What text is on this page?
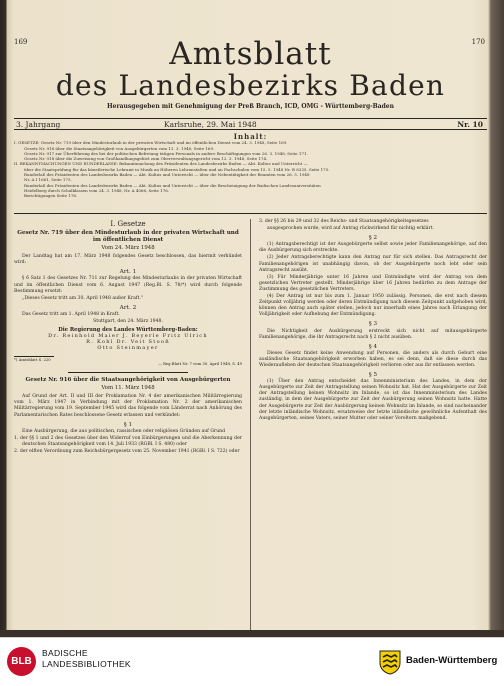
169	170
Amtsblatt
des Landesbezirks Baden
Herausgegeben mit Genehmigung der Preß Branch, ICD, OMG - Württemberg-Baden
3. Jahrgang	Karlsruhe, 29. Mai 1948	Nr. 10
Inhalt:
I. GESETZE: Gesetz Nr. 719 über den Mindesturlaub in der privaten Wirtschaft und im öffentlichen Dienst vom 24. 3. 1948, Seite 169.
Gesetz Nr. 916 über die Staatsangehörigkeit von Ausgebürgerten vom 11. 3. 1948, Seite 169.
Gesetz Nr. 917 zur Überführung des bei der politischen Befreiung tätigen Personals in andere Beschäftigungen vom 26. 3. 1948, Seite 171.
Gesetz Nr. 918 über die Zuweisung von Großhandlungsgebiet zum Oberverwaltungsgericht vom 12. 3. 1948, Seite 174.
II. BEKANNTMACHUNGEN UND RUNDERLASSE: Bekanntmachung des Präsidenten des Landesbezirks Baden — Abt. Kultus und Unterricht —
über die Staatsprüfung für das künstlerische Lehramt in Musik an Höheren Lehranstalten und an Fachschulen vom 15. 5. 1948 Nr. B 8335, Seite 175.
Runderlaß des Präsidenten des Landesbezirks Baden — Abt. Kultus und Unterricht — über die Nebentätigkeit der Beamten vom 26. 5. 1948
Nr. A I 1661, Seite 175.
Runderlaß des Präsidenten des Landesbezirks Baden — Abt. Kultus und Unterricht — über die Bescheinigung der Badischen Landesuniversitäten
Heidelberg durch Schulklassen vom 24. 3. 1948, Nr. A 4066, Seite 176.
Berichtigungen Seite 176.
I. Gesetze
Gesetz Nr. 719 über den Mindesturlaub in der privaten Wirtschaft und im öffentlichen Dienst
Vom 24. März 1948
Der Landtag hat am 17. März 1948 folgendes Gesetz beschlossen, das hiermit verkündet wird:
Art. 1
§ 6 Satz 1 des Gesetzes Nr. 711 zur Regelung des Mindesturlaubs in der privaten Wirtschaft und im öffentlichen Dienst vom 6. August 1947 (Reg.Bl. S. 78/*) wird durch folgende Bestimmung ersetzt:
„Dieses Gesetz tritt am 30. April 1948 außer Kraft."
Art. 2
Das Gesetz tritt am 1. April 1948 in Kraft.
Stuttgart, den 24. März 1948.
Die Regierung des Landes Württemberg-Baden:
Dr. Reinhold Maier J. Beyerle Fritz Ulrich
R. Kohl Dr. Veit Stooß
Otto Steinmayer
*) Amtsblatt S. 220
— Reg.Blatt Nr. 7 vom 30. April 1948, S. 49
Gesetz Nr. 916 über die Staatsangehörigkeit von Ausgebürgerten
Vom 11. März 1948
Auf Grund der Art. II und III der Proklamation Nr. 4 der amerikanischen Militärregierung vom 1. März 1947 in Verbindung mit der Proklamation Nr. 2 der amerikanischen Militärregierung vom 19. September 1945 wird das folgende vom Länderrat nach Anhörung des Parlamentarischen Rates beschlossene Gesetz erlassen und verkündet:
§ 1
Eine Ausbürgerung, die aus politischen, rassischen oder religiösen Gründen auf Grund
1. der §§ 1 und 2 des Gesetzes über den Widerruf von Einbürgerungen und die Aberkennung der deutschen Staatsangehörigkeit vom 14. Juli 1933 (RGBl. I S. 480) oder
2. der elften Verordnung zum Reichsbürgergesetz vom 25. November 1941 (RGBl. I S. 722) oder
3. der §§ 26 bis 29 und 32 des Reichs- und Staatsangehörigkeitsgesetzes
ausgesprochen wurde, wird auf Antrag rückwirkend für nichtig erklärt.
§ 2
(1) Antragsberechtigt ist der Ausgebürgerte selbst sowie jeder Familienangehörige, auf den die Ausbürgerung sich erstreckte.
(2) Jeder Antragsberechtigte kann den Antrag nur für sich stellen. Das Antragsrecht der Familienangehörigen ist unabhängig davon, ob der Ausgebürgerte noch lebt oder sein Antragsrecht ausübt.
(3) Für Minderjährige unter 16 Jahren und Entmündigte wird der Antrag von dem gesetzlichen Vertreter gestellt. Minderjährige über 16 Jahren bedürfen zu dem Antrage der Zustimmung des gesetzlichen Vertreters.
(4) Der Antrag ist nur bis zum 1. Januar 1950 zulässig. Personen, die erst nach diesem Zeitpunkt volljährig werden oder deren Entmündigung nach diesem Zeitpunkt aufgehoben wird, können den Antrag auch später stellen, jedoch nur innerhalb eines Jahres nach Erlangung der Volljährigkeit oder Aufhebung der Entmündigung.
§ 3
Die Nichtigkeit der Ausbürgerung erstreckt sich nicht auf mitausgebürgerte Familienangehörige, die ihr Antragsrecht nach § 2 nicht ausüben.
§ 4
Dieses Gesetz findet keine Anwendung auf Personen, die anders als durch Geburt eine ausländische Staatsangehörigkeit erworben haben, es sei denn, daß sie diese durch das Wiederaufleben der deutschen Staatsangehörigkeit verlieren oder aus ihr entlassen werden.
§ 5
(1) Über den Antrag entscheidet das Innenministerium des Landes, in dem der Ausgebürgerte zur Zeit der Antragstellung seinen Wohnsitz hat. Hat der Ausgebürgerte zur Zeit der Antragstellung keinen Wohnsitz im Inlande, so ist das Innenministerium des Landes zuständig, in dem der Ausgebürgerte zur Zeit der Ausbürgerung seinen Wohnsitz hatte. Hatte der Ausgebürgerte zur Zeit der Ausbürgerung keinen Wohnsitz im Inlande, so sind nacheinander der letzte inländische Wohnsitz, ersatzweise der letzte inländische gewöhnliche Aufenthalt des Ausgebürgerten, seines Vaters, seiner Mutter oder seiner Voreltern maßgebend.
BLB
BADISCHE
LANDESBIBLIOTHEK	Baden-Württemberg
